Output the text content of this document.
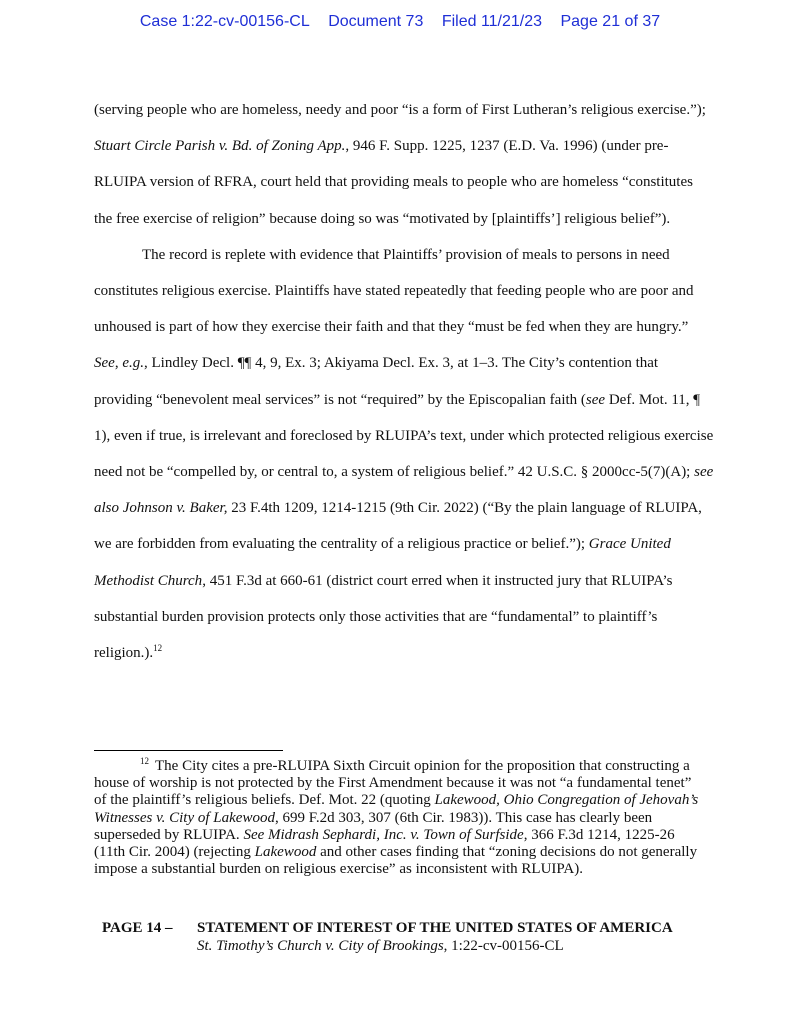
Case 1:22-cv-00156-CL Document 73 Filed 11/21/23 Page 21 of 37

(serving people who are homeless, needy and poor “is a form of First Lutheran’s religious exercise.”); Stuart Circle Parish v. Bd. of Zoning App., 946 F. Supp. 1225, 1237 (E.D. Va. 1996) (under pre-RLUIPA version of RFRA, court held that providing meals to people who are homeless “constitutes the free exercise of religion” because doing so was “motivated by [plaintiffs’] religious belief”).

The record is replete with evidence that Plaintiffs’ provision of meals to persons in need constitutes religious exercise. Plaintiffs have stated repeatedly that feeding people who are poor and unhoused is part of how they exercise their faith and that they “must be fed when they are hungry.” See, e.g., Lindley Decl. ¶¶ 4, 9, Ex. 3; Akiyama Decl. Ex. 3, at 1–3. The City’s contention that providing “benevolent meal services” is not “required” by the Episcopalian faith (see Def. Mot. 11, ¶ 1), even if true, is irrelevant and foreclosed by RLUIPA’s text, under which protected religious exercise need not be “compelled by, or central to, a system of religious belief.” 42 U.S.C. § 2000cc-5(7)(A); see also Johnson v. Baker, 23 F.4th 1209, 1214-1215 (9th Cir. 2022) (“By the plain language of RLUIPA, we are forbidden from evaluating the centrality of a religious practice or belief.”); Grace United Methodist Church, 451 F.3d at 660-61 (district court erred when it instructed jury that RLUIPA’s substantial burden provision protects only those activities that are “fundamental” to plaintiff’s religion.).$^{12}$

$^{12}$ The City cites a pre-RLUIPA Sixth Circuit opinion for the proposition that constructing a house of worship is not protected by the First Amendment because it was not “a fundamental tenet” of the plaintiff’s religious beliefs. Def. Mot. 22 (quoting Lakewood, Ohio Congregation of Jehovah’s Witnesses v. City of Lakewood, 699 F.2d 303, 307 (6th Cir. 1983)). This case has clearly been superseded by RLUIPA. See Midrash Sephardi, Inc. v. Town of Surfside, 366 F.3d 1214, 1225-26 (11th Cir. 2004) (rejecting Lakewood and other cases finding that “zoning decisions do not generally impose a substantial burden on religious exercise” as inconsistent with RLUIPA).

PAGE 14 –	STATEMENT OF INTEREST OF THE UNITED STATES OF AMERICA
St. Timothy’s Church v. City of Brookings, 1:22-cv-00156-CL
